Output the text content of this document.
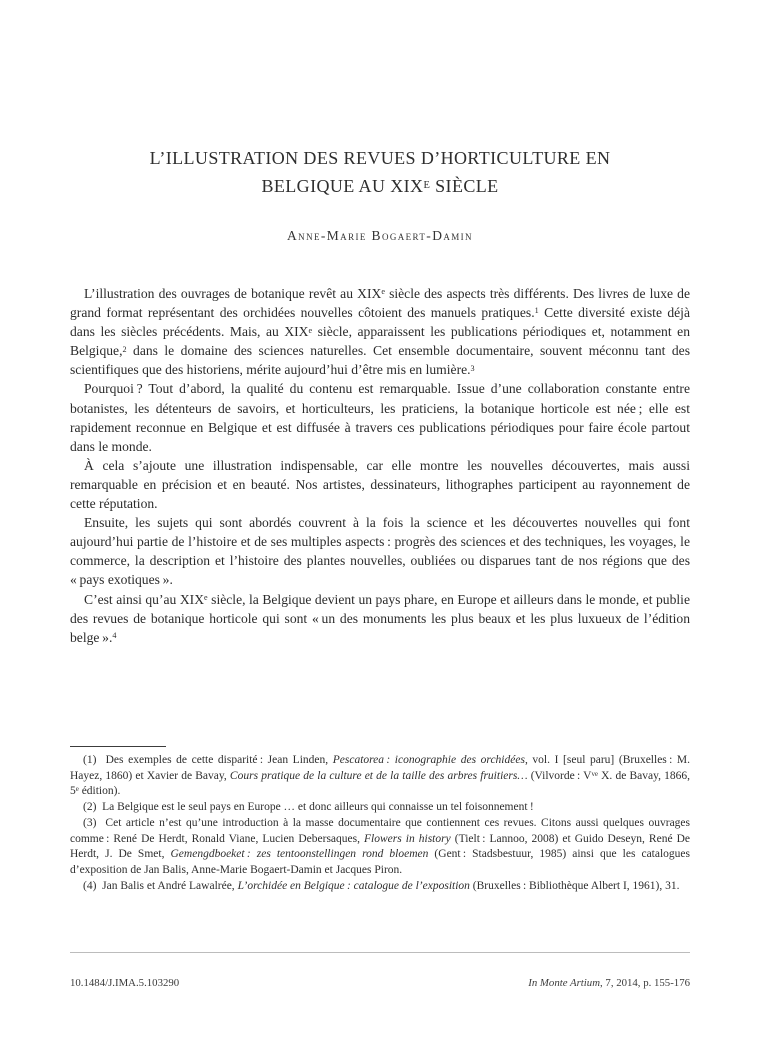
L’ILLUSTRATION DES REVUES D’HORTICULTURE EN
BELGIQUE AU $XIX^E$ SIÈCLE
Anne-Marie Bogaert-Damin

L’illustration des ouvrages de botanique revêt au XIXe siècle des aspects très différents. Des livres de luxe de grand format représentant des orchidées nouvelles côtoient des manuels pratiques.$^1$ Cette diversité existe déjà dans les siècles précédents. Mais, au XIXe siècle, apparaissent les publications périodiques et, notamment en Belgique,$^2$ dans le domaine des sciences naturelles. Cet ensemble documentaire, souvent méconnu tant des scientifiques que des historiens, mérite aujourd’hui d’être mis en lumière.$^3$

Pourquoi ? Tout d’abord, la qualité du contenu est remarquable. Issue d’une collaboration constante entre botanistes, les détenteurs de savoirs, et horticulteurs, les praticiens, la botanique horticole est née ; elle est rapidement reconnue en Belgique et est diffusée à travers ces publications périodiques pour faire école partout dans le monde.

À cela s’ajoute une illustration indispensable, car elle montre les nouvelles découvertes, mais aussi remarquable en précision et en beauté. Nos artistes, dessinateurs, lithographes participent au rayonnement de cette réputation.

Ensuite, les sujets qui sont abordés couvrent à la fois la science et les découvertes nouvelles qui font aujourd’hui partie de l’histoire et de ses multiples aspects : progrès des sciences et des techniques, les voyages, le commerce, la description et l’histoire des plantes nouvelles, oubliées ou disparues tant de nos régions que des « pays exotiques ».

C’est ainsi qu’au XIXe siècle, la Belgique devient un pays phare, en Europe et ailleurs dans le monde, et publie des revues de botanique horticole qui sont « un des monuments les plus beaux et les plus luxueux de l’édition belge ».$^4$

(1)  Des exemples de cette disparité : Jean Linden, Pescatorea : iconographie des orchidées, vol. I [seul paru] (Bruxelles : M. Hayez, 1860) et Xavier de Bavay, Cours pratique de la culture et de la taille des arbres fruitiers… (Vilvorde : $V^{ve}$ X. de Bavay, 1866, 5e édition).

(2)  La Belgique est le seul pays en Europe … et donc ailleurs qui connaisse un tel foisonnement !

(3)  Cet article n’est qu’une introduction à la masse documentaire que contiennent ces revues. Citons aussi quelques ouvrages comme : René De Herdt, Ronald Viane, Lucien Debersaques, Flowers in history (Tielt : Lannoo, 2008) et Guido Deseyn, René De Herdt, J. De Smet, Gemengdboeket : zes tentoonstellingen rond bloemen (Gent : Stadsbestuur, 1985) ainsi que les catalogues d’exposition de Jan Balis, Anne-Marie Bogaert-Damin et Jacques Piron.

(4)  Jan Balis et André Lawalrée, L’orchidée en Belgique : catalogue de l’exposition (Bruxelles : Bibliothèque Albert I, 1961), 31.

10.1484/J.IMA.5.103290	In Monte Artium, 7, 2014, p. 155-176
